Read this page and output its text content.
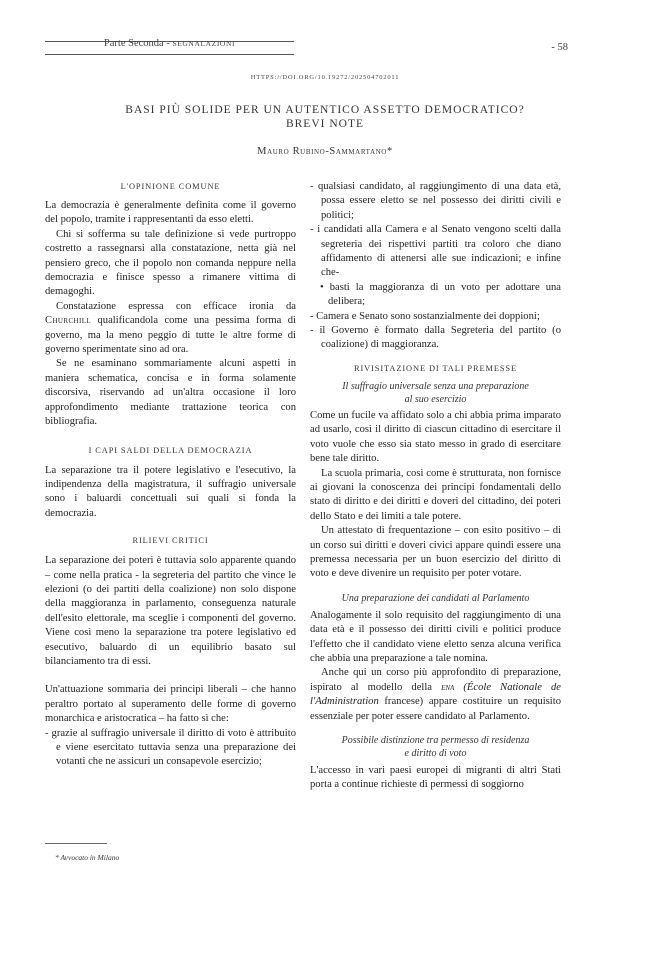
Parte Seconda - SEGNALAZIONI	- 58
HTTPS://DOI.ORG/10.19272/202504702011
BASI PIÙ SOLIDE PER UN AUTENTICO ASSETTO DEMOCRATICO?
BREVI NOTE
Mauro Rubino-Sammartano*
L'OPINIONE COMUNE

La democrazia è generalmente definita come il governo del popolo, tramite i rappresentanti da esso eletti.

Chi si sofferma su tale definizione si vede purtroppo costretto a rassegnarsi alla constatazione, netta già nel pensiero greco, che il popolo non comanda neppure nella democrazia e finisce spesso a rimanere vittima di demagoghi.

Constatazione espressa con efficace ironia da Churchill qualificandola come una pessima forma di governo, ma la meno peggio di tutte le altre forme di governo sperimentate sino ad ora.

Se ne esaminano sommariamente alcuni aspetti in maniera schematica, concisa e in forma solamente discorsiva, riservando ad un'altra occasione il loro approfondimento mediante trattazione teorica con bibliografia.

I CAPI SALDI DELLA DEMOCRAZIA

La separazione tra il potere legislativo e l'esecutivo, la indipendenza della magistratura, il suffragio universale sono i baluardi concettuali sui quali si fonda la democrazia.

RILIEVI CRITICI

La separazione dei poteri è tuttavia solo apparente quando – come nella pratica - la segreteria del partito che vince le elezioni (o dei partiti della coalizione) non solo dispone della maggioranza in parlamento, conseguenza naturale dell'esito elettorale, ma sceglie i componenti del governo. Viene così meno la separazione tra potere legislativo ed esecutivo, baluardo di un equilibrio basato sul bilanciamento tra di essi.

Un'attuazione sommaria dei principi liberali – che hanno peraltro portato al superamento delle forme di governo monarchica e aristocratica – ha fatto sì che:

- grazie al suffragio universale il diritto di voto è attribuito e viene esercitato tuttavia senza una preparazione dei votanti che ne assicuri un consapevole esercizio;

- qualsiasi candidato, al raggiungimento di una data età, possa essere eletto se nel possesso dei diritti civili e politici;

- i candidati alla Camera e al Senato vengono scelti dalla segreteria dei rispettivi partiti tra coloro che diano affidamento di attenersi alle sue indicazioni; e infine che-

• basti la maggioranza di un voto per adottare una delibera;

- Camera e Senato sono sostanzialmente dei doppioni;

- il Governo è formato dalla Segreteria del partito (o coalizione) di maggioranza.

RIVISITAZIONE DI TALI PREMESSE
Il suffragio universale senza una preparazione
al suo esercizio

Come un fucile va affidato solo a chi abbia prima imparato ad usarlo, così il diritto di ciascun cittadino di esercitare il voto vuole che esso sia stato messo in grado di esercitare bene tale diritto.

La scuola primaria, così come è strutturata, non fornisce ai giovani la conoscenza dei principi fondamentali dello stato di diritto e dei diritti e doveri del cittadino, dei poteri dello Stato e dei limiti a tale potere.

Un attestato di frequentazione – con esito positivo – di un corso sui diritti e doveri civici appare quindi essere una premessa necessaria per un buon esercizio del diritto di voto e deve divenire un requisito per poter votare.

Una preparazione dei candidati al Parlamento

Analogamente il solo requisito del raggiungimento di una data età e il possesso dei diritti civili e politici produce l'effetto che il candidato viene eletto senza alcuna verifica che abbia una preparazione a tale nomina.

Anche qui un corso più approfondito di preparazione, ispirato al modello della ena (École Nationale de l'Administration francese) appare costituire un requisito essenziale per poter essere candidato al Parlamento.

Possibile distinzione tra permesso di residenza
e diritto di voto

L'accesso in vari paesi europei di migranti di altri Stati porta a continue richieste di permessi di soggiorno

* Avvocato in Milano
